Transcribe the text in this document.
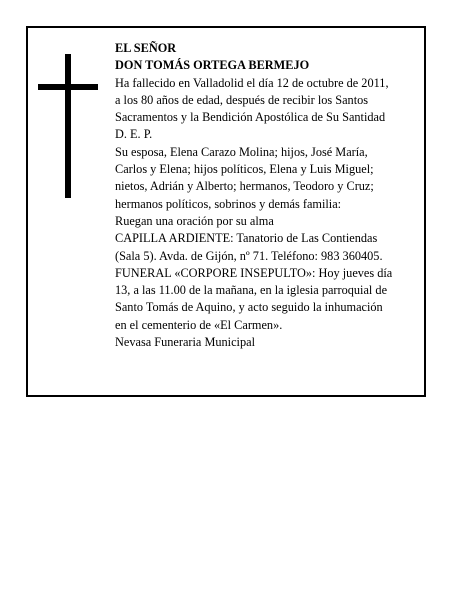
EL SEÑOR
DON TOMÁS ORTEGA BERMEJO
Ha fallecido en Valladolid el día 12 de octubre de 2011,
a los 80 años de edad, después de recibir los Santos
Sacramentos y la Bendición Apostólica de Su Santidad
D. E. P.
Su esposa, Elena Carazo Molina; hijos, José María,
Carlos y Elena; hijos políticos, Elena y Luis Miguel;
nietos, Adrián y Alberto; hermanos, Teodoro y Cruz;
hermanos políticos, sobrinos y demás familia:
Ruegan una oración por su alma
CAPILLA ARDIENTE: Tanatorio de Las Contiendas
(Sala 5). Avda. de Gijón, nº 71. Teléfono: 983 360405.
FUNERAL «CORPORE INSEPULTO»: Hoy jueves día
13, a las 11.00 de la mañana, en la iglesia parroquial de
Santo Tomás de Aquino, y acto seguido la inhumación
en el cementerio de «El Carmen».
Nevasa Funeraria Municipal
